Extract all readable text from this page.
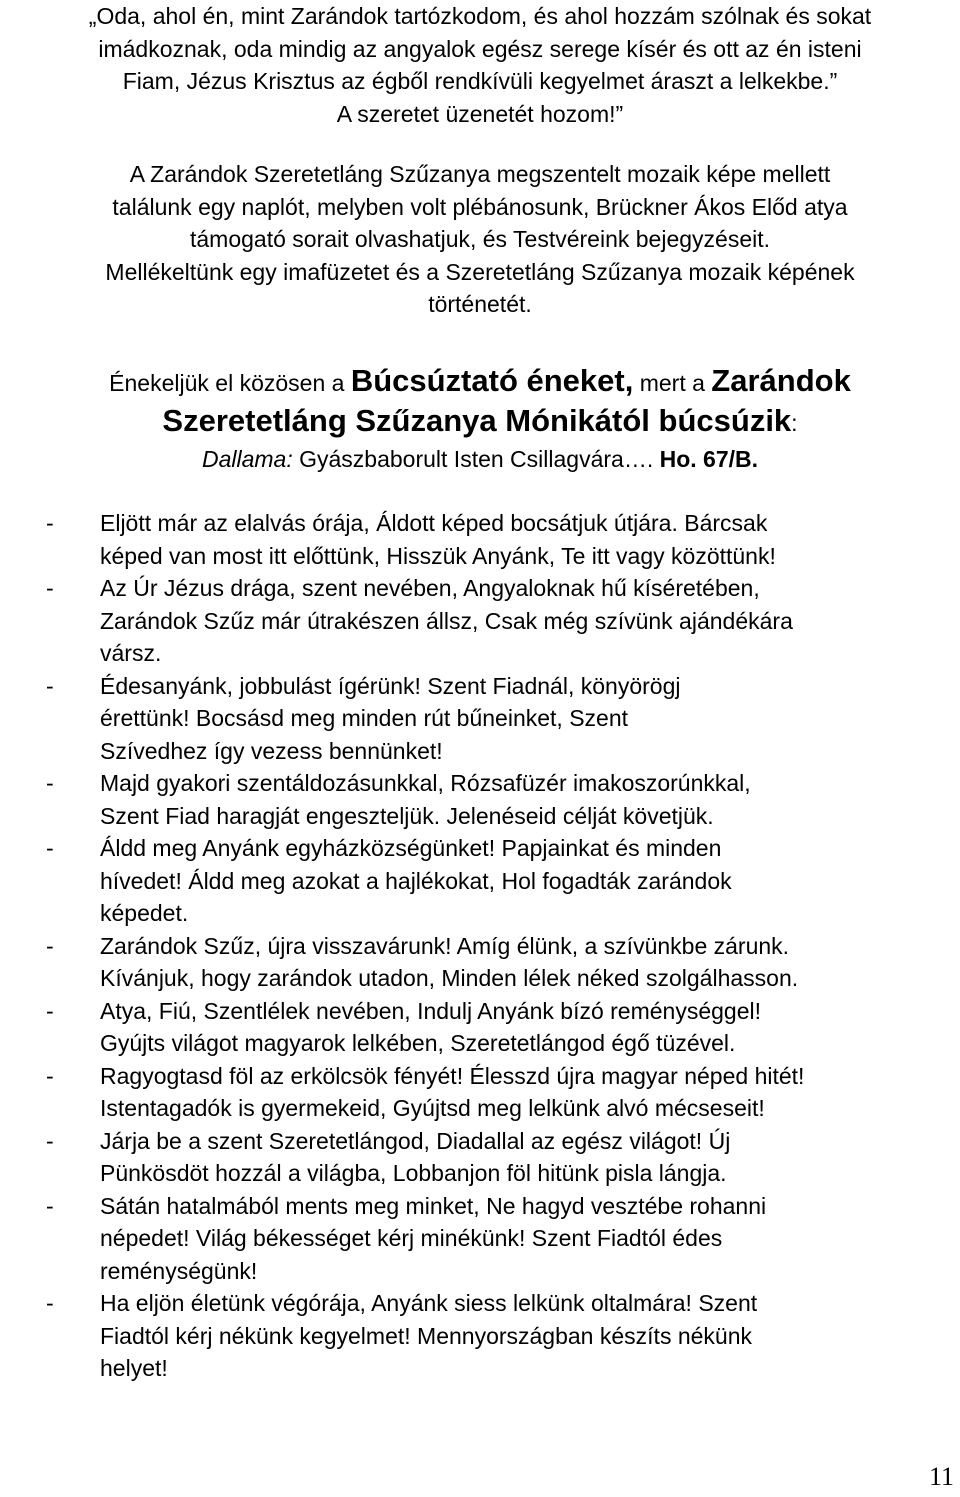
„Oda, ahol én, mint Zarándok tartózkodom, és ahol hozzám szólnak és sokat
imádkoznak, oda mindig az angyalok egész serege kísér és ott az én isteni
Fiam, Jézus Krisztus az égből rendkívüli kegyelmet áraszt a lelkekbe.”
A szeretet üzenetét hozom!”
A Zarándok Szeretetláng Szűzanya megszentelt mozaik képe mellett
találunk egy naplót, melyben volt plébánosunk, Brückner Ákos Előd atya
támogató sorait olvashatjuk, és Testvéreink bejegyzéseit.
Mellékeltünk egy imafüzetet és a Szeretetláng Szűzanya mozaik képének
történetét.
Énekeljük el közösen a Búcsúztató éneket, mert a Zarándok
Szeretetláng Szűzanya Mónikától búcsúzik:
Dallama: Gyászbaborult Isten Csillagvára…. Ho. 67/B.
- Eljött már az elalvás órája, Áldott képed bocsátjuk útjára. Bárcsak
képed van most itt előttünk, Hisszük Anyánk, Te itt vagy közöttünk!
- Az Úr Jézus drága, szent nevében, Angyaloknak hű kíséretében,
Zarándok Szűz már útrakészen állsz, Csak még szívünk ajándékára
vársz.
- Édesanyánk, jobbulást ígérünk! Szent Fiadnál, könyörögj
érettünk! Bocsásd meg minden rút bűneinket, Szent
Szívedhez így vezess bennünket!
- Majd gyakori szentáldozásunkkal, Rózsafüzér imakoszorúnkkal,
Szent Fiad haragját engeszteljük. Jelenéseid célját követjük.
- Áldd meg Anyánk egyházközségünket! Papjainkat és minden
hívedet! Áldd meg azokat a hajlékokat, Hol fogadták zarándok
képedet.
- Zarándok Szűz, újra visszavárunk! Amíg élünk, a szívünkbe zárunk.
Kívánjuk, hogy zarándok utadon, Minden lélek néked szolgálhasson.
- Atya, Fiú, Szentlélek nevében, Indulj Anyánk bízó reménységgel!
Gyújts világot magyarok lelkében, Szeretetlángod égő tüzével.
- Ragyogtasd föl az erkölcsök fényét! Élesszd újra magyar néped hitét!
Istentagadók is gyermekeid, Gyújtsd meg lelkünk alvó mécseseit!
- Járja be a szent Szeretetlángod, Diadallal az egész világot! Új
Pünkösdöt hozzál a világba, Lobbanjon föl hitünk pisla lángja.
- Sátán hatalmából ments meg minket, Ne hagyd vesztébe rohanni
népedet! Világ békességet kérj minékünk! Szent Fiadtól édes
reménységünk!
- Ha eljön életünk végórája, Anyánk siess lelkünk oltalmára! Szent
Fiadtól kérj nékünk kegyelmet! Mennyországban készíts nékünk
helyet!
11
